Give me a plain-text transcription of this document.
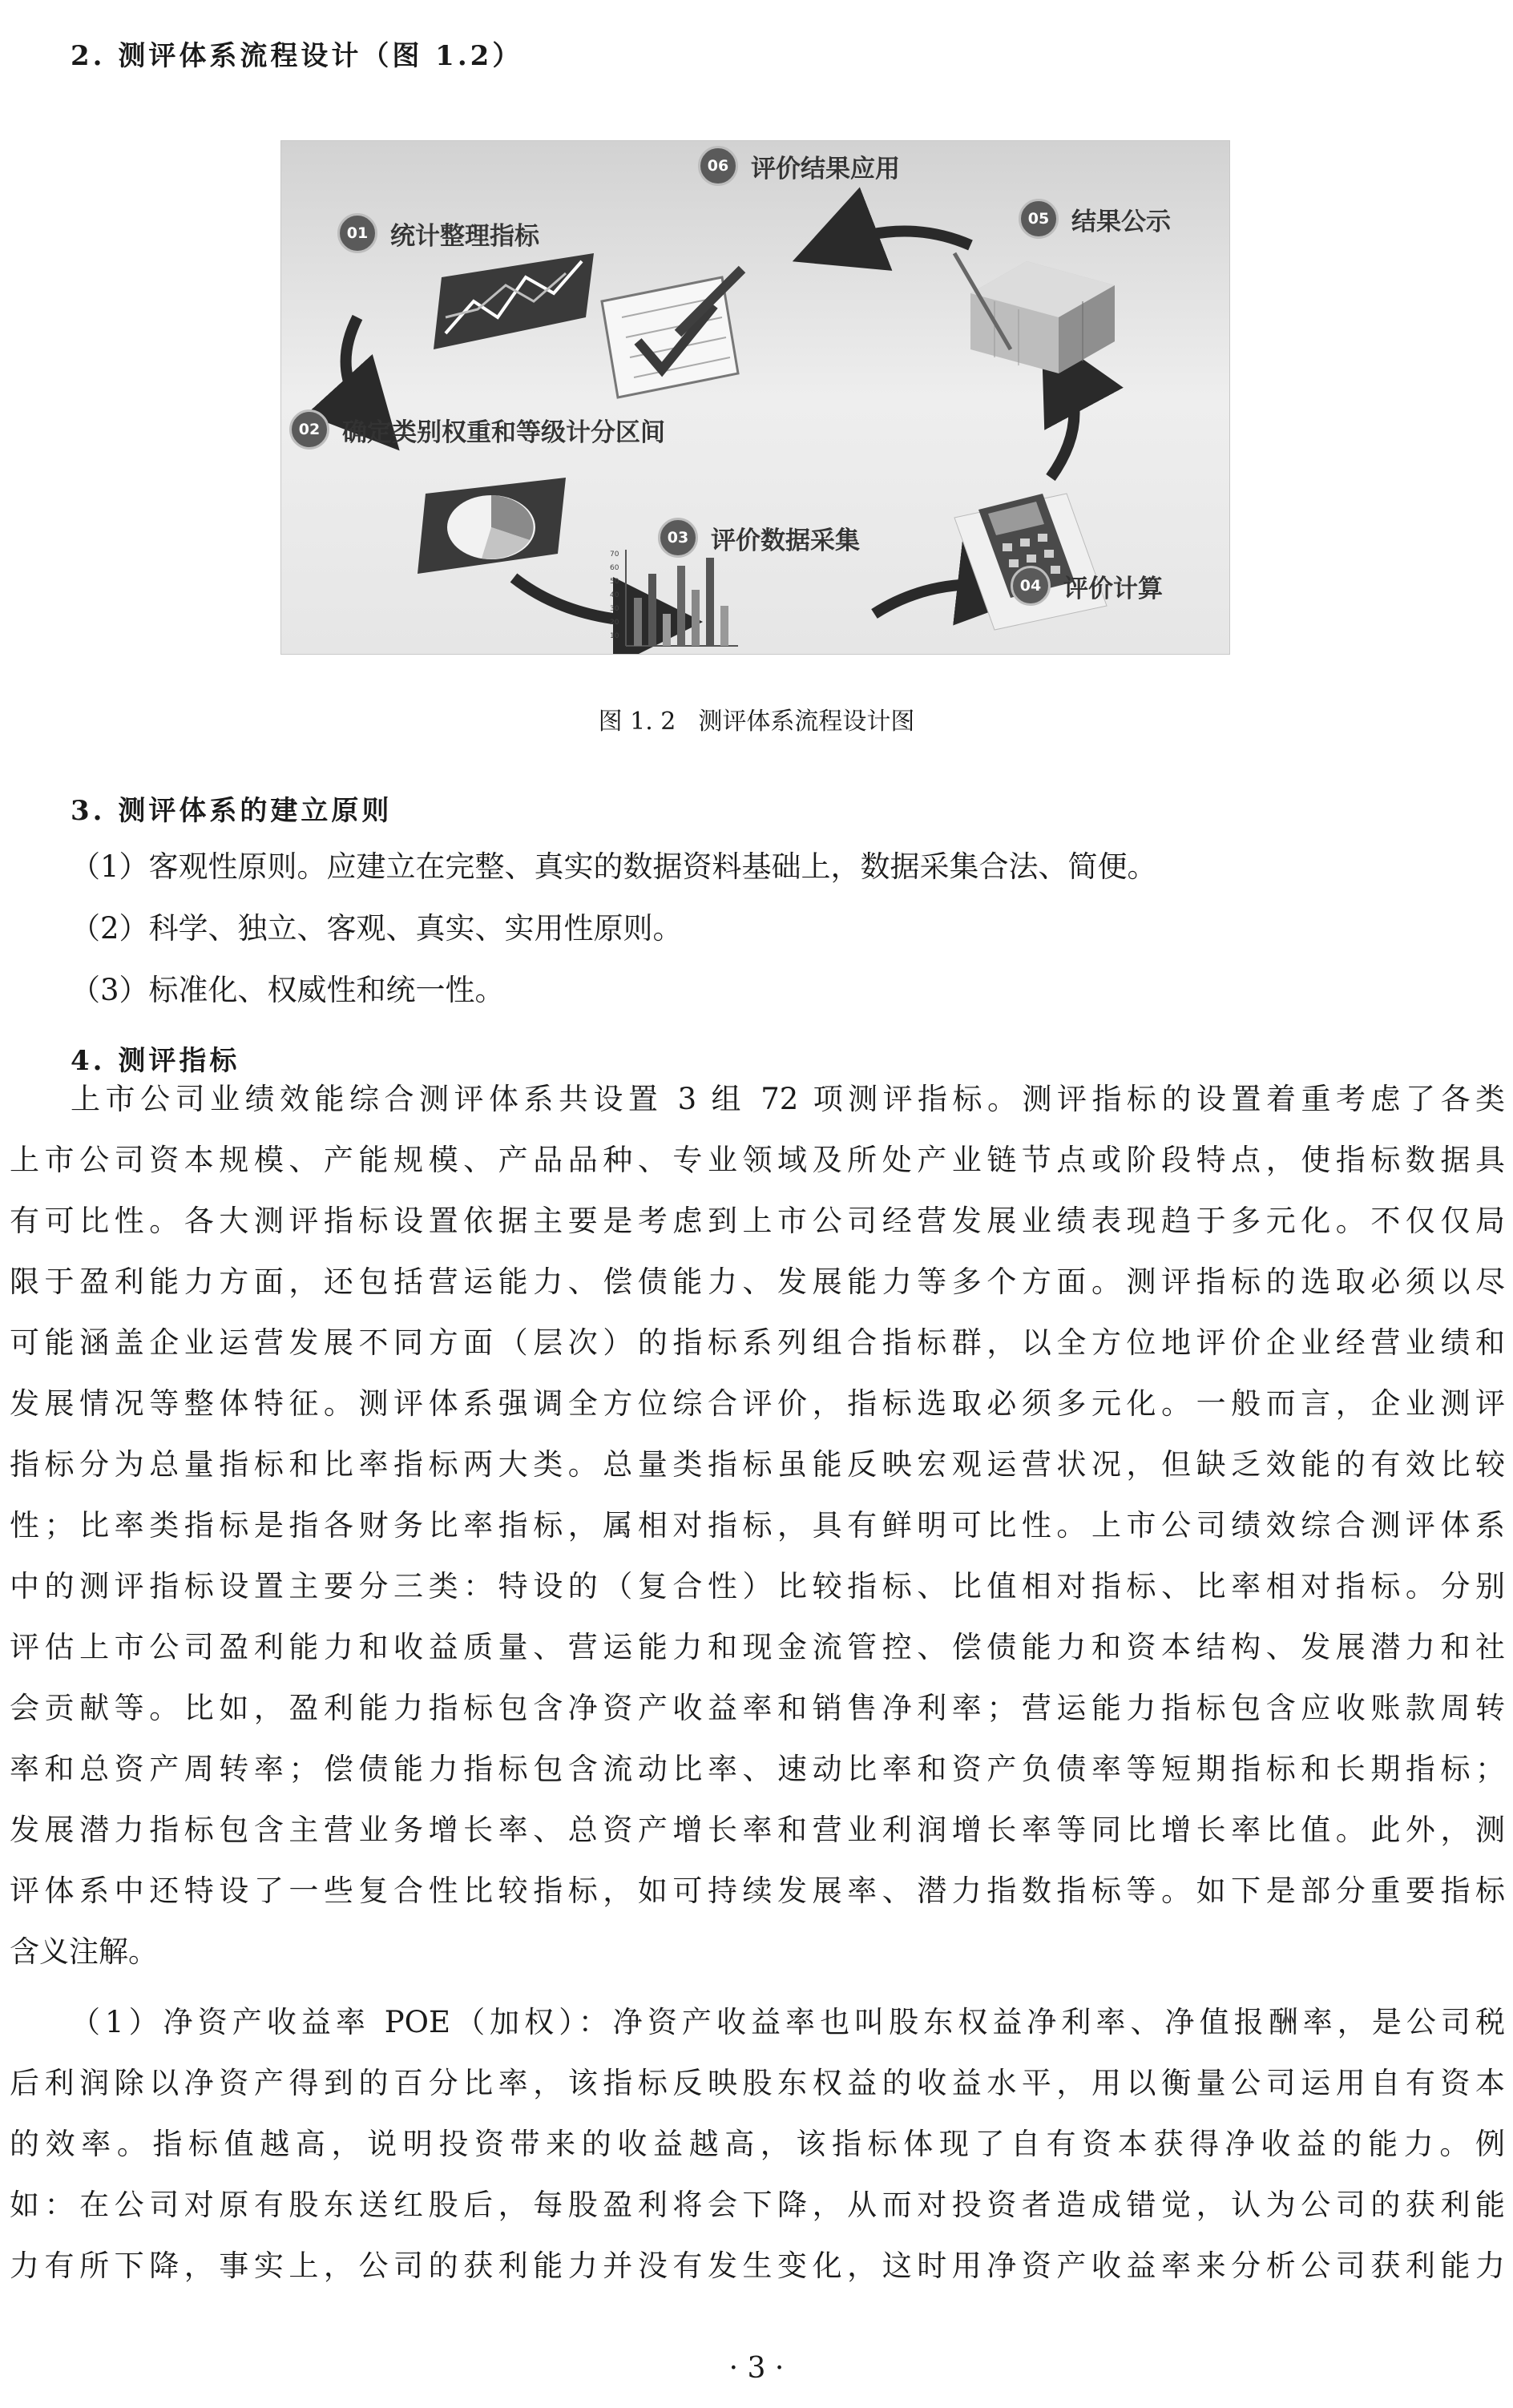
2. 测评体系流程设计（图 1.2）
70
60
50
40
30
20
10
01 统计整理指标
02 确定类别权重和等级计分区间
03 评价数据采集
04 评价计算
05 结果公示
06 评价结果应用
图 1. 2 测评体系流程设计图
3. 测评体系的建立原则
（1）客观性原则。应建立在完整、真实的数据资料基础上，数据采集合法、简便。
（2）科学、独立、客观、真实、实用性原则。
（3）标准化、权威性和统一性。
4. 测评指标
上市公司业绩效能综合测评体系共设置 3 组 72 项测评指标。测评指标的设置着重考虑了各类
上市公司资本规模、产能规模、产品品种、专业领域及所处产业链节点或阶段特点，使指标数据具
有可比性。各大测评指标设置依据主要是考虑到上市公司经营发展业绩表现趋于多元化。不仅仅局
限于盈利能力方面，还包括营运能力、偿债能力、发展能力等多个方面。测评指标的选取必须以尽
可能涵盖企业运营发展不同方面（层次）的指标系列组合指标群，以全方位地评价企业经营业绩和
发展情况等整体特征。测评体系强调全方位综合评价，指标选取必须多元化。一般而言，企业测评
指标分为总量指标和比率指标两大类。总量类指标虽能反映宏观运营状况，但缺乏效能的有效比较
性；比率类指标是指各财务比率指标，属相对指标，具有鲜明可比性。上市公司绩效综合测评体系
中的测评指标设置主要分三类：特设的（复合性）比较指标、比值相对指标、比率相对指标。分别
评估上市公司盈利能力和收益质量、营运能力和现金流管控、偿债能力和资本结构、发展潜力和社
会贡献等。比如，盈利能力指标包含净资产收益率和销售净利率；营运能力指标包含应收账款周转
率和总资产周转率；偿债能力指标包含流动比率、速动比率和资产负债率等短期指标和长期指标；
发展潜力指标包含主营业务增长率、总资产增长率和营业利润增长率等同比增长率比值。此外，测
评体系中还特设了一些复合性比较指标，如可持续发展率、潜力指数指标等。如下是部分重要指标
含义注解。
（1）净资产收益率 POE（加权）：净资产收益率也叫股东权益净利率、净值报酬率，是公司税
后利润除以净资产得到的百分比率，该指标反映股东权益的收益水平，用以衡量公司运用自有资本
的效率。指标值越高，说明投资带来的收益越高，该指标体现了自有资本获得净收益的能力。例
如：在公司对原有股东送红股后，每股盈利将会下降，从而对投资者造成错觉，认为公司的获利能
力有所下降，事实上，公司的获利能力并没有发生变化，这时用净资产收益率来分析公司获利能力
· 3 ·
